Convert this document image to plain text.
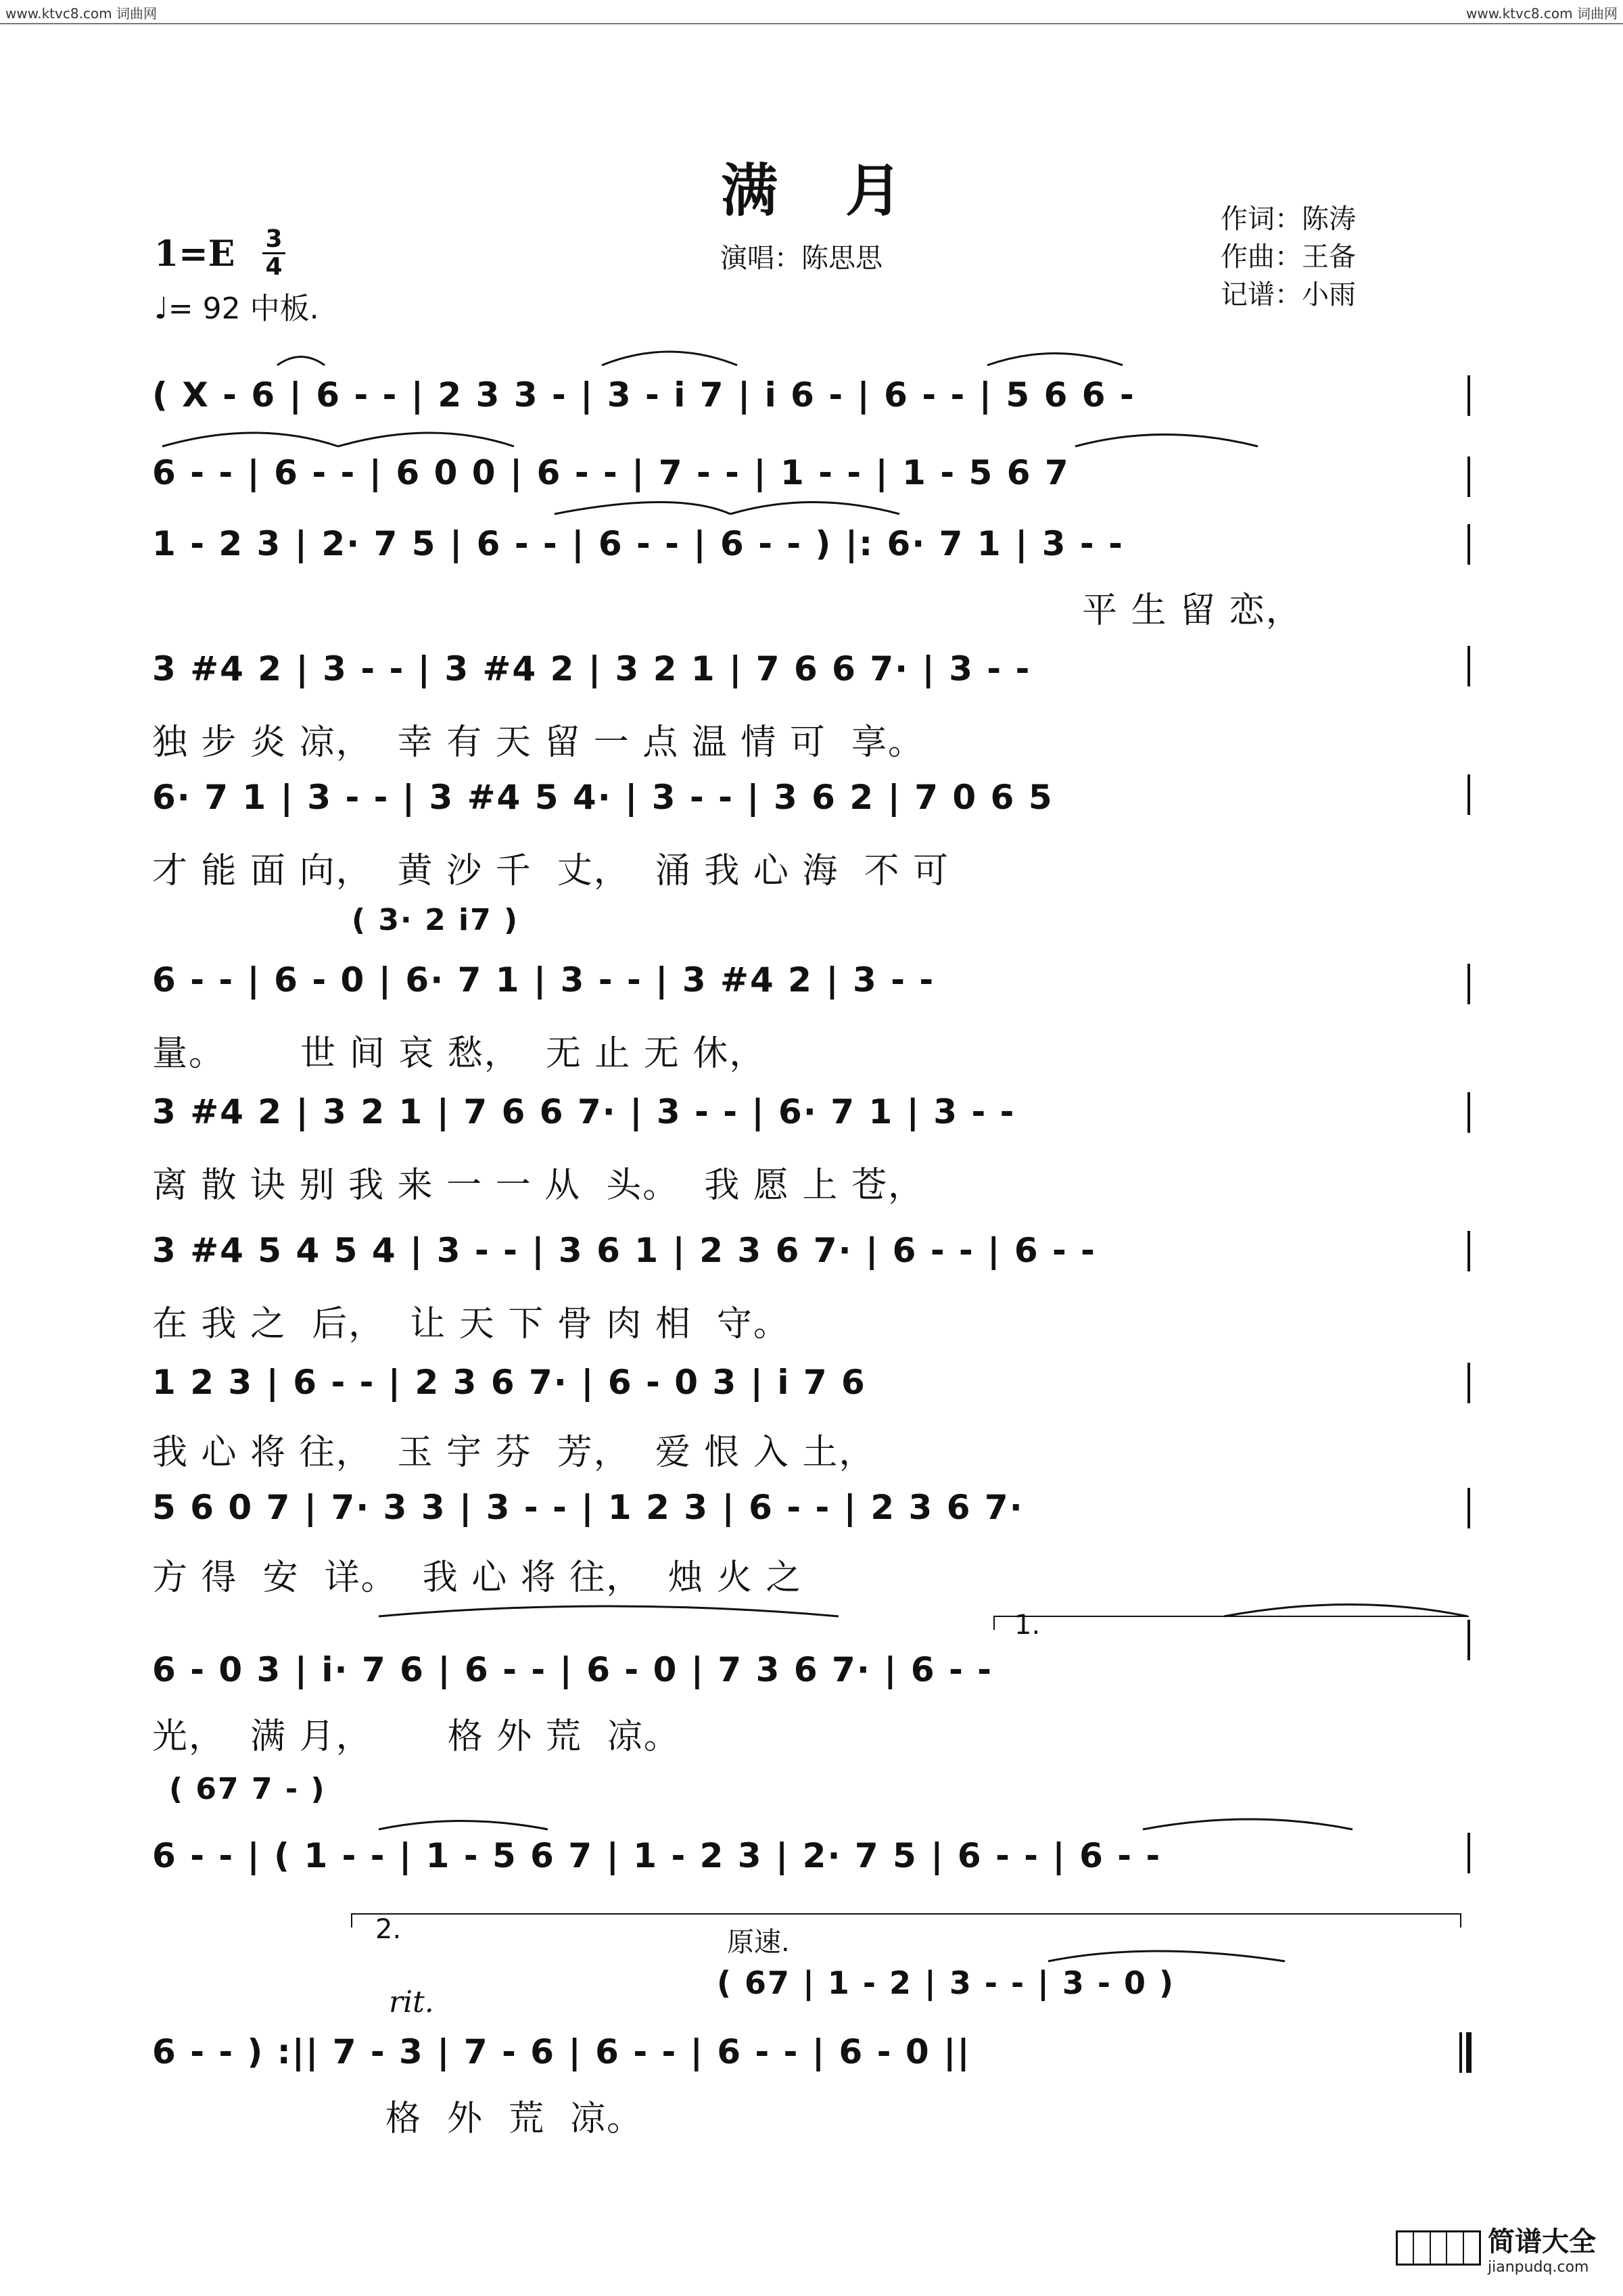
www.ktvc8.com 词曲网	www.ktvc8.com 词曲网
满月	作词：陈涛
作曲：王备
记谱：小雨
演唱：陈思思
1=E 3
4
♩= 92 中板.
( X - 6 | 6 - - | 2 3 3 - | 3 - i 7 | i 6 - | 6 - - | 5 6 6 -
6 - - | 6 - - | 6 0 0 | 6 - - | 7 - - | 1 - - | 1 - 5 6 7
1 - 2 3 | 2· 7 5 | 6 - - | 6 - - | 6 - - ) |: 6· 7 1 | 3 - -
平 生 留 恋，
3 #4 2 | 3 - - | 3 #4 2 | 3 2 1 | 7 6 6 7· | 3 - -
独 步 炎 凉，  幸 有 天 留 一 点 温 情 可  享。
6· 7 1 | 3 - - | 3 #4 5 4· | 3 - - | 3 6 2 | 7 0 6 5
才 能 面 向，  黄 沙 千  丈，  涌 我 心 海  不 可
( 3· 2 i7 )
6 - - | 6 - 0 | 6· 7 1 | 3 - - | 3 #4 2 | 3 - -
量。      世 间 哀 愁，  无 止 无 休，
3 #4 2 | 3 2 1 | 7 6 6 7· | 3 - - | 6· 7 1 | 3 - -
离 散 诀 别 我 来 一 一 从  头。  我 愿 上 苍，
3 #4 5 4 5 4 | 3 - - | 3 6 1 | 2 3 6 7· | 6 - - | 6 - -
在 我 之  后，  让 天 下 骨 肉 相  守。
1 2 3 | 6 - - | 2 3 6 7· | 6 - 0 3 | i 7 6
我 心 将 往，  玉 宇 芬  芳，  爱 恨 入 土，
5 6 0 7 | 7· 3 3 | 3 - - | 1 2 3 | 6 - - | 2 3 6 7·
方 得  安  详。  我 心 将 往，  烛 火 之
1.
6 - 0 3 | i· 7 6 | 6 - - | 6 - 0 | 7 3 6 7· | 6 - -
光，  满 月，      格 外 荒  凉。
( 67 7 - )
6 - - | ( 1 - - | 1 - 5 6 7 | 1 - 2 3 | 2· 7 5 | 6 - - | 6 - -
2.	原速.
( 67 | 1 - 2 | 3 - - | 3 - 0 )
rit.
6 - - ) :|| 7 - 3 | 7 - 6 | 6 - - | 6 - - | 6 - 0 ||
格  外  荒  凉。
简谱大全
jianpudq.com
